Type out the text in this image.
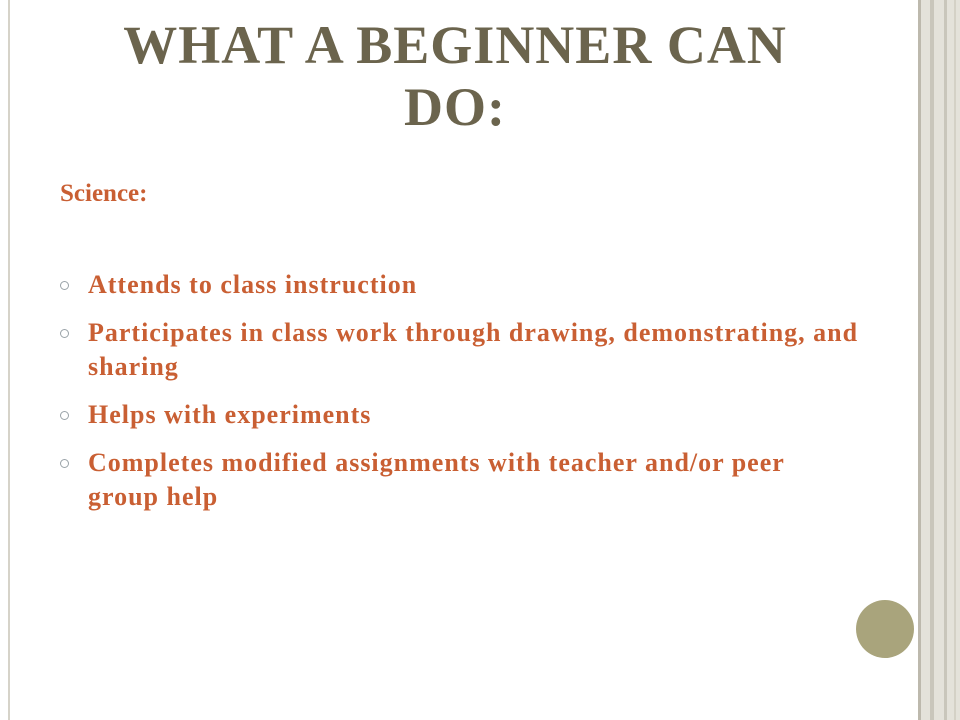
WHAT A BEGINNER CAN
DO:

Science:

Attends to class instruction
Participates in class work through drawing, demonstrating, and sharing
Helps with experiments
Completes modified assignments with teacher and/or peer group help
